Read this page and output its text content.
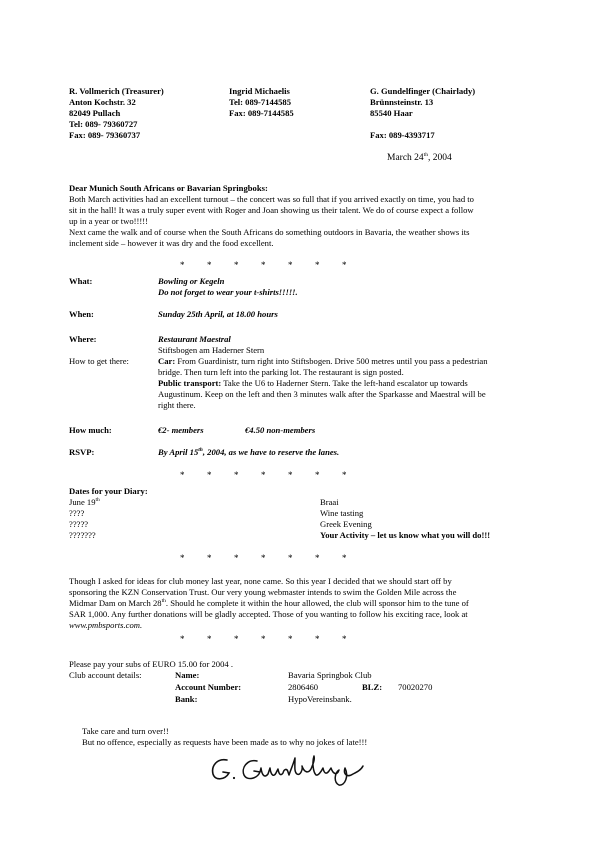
R. Vollmerich (Treasurer)
Anton Kochstr. 32
82049 Pullach
Tel: 089- 79360727
Fax: 089- 79360737
Ingrid Michaelis
Tel: 089-7144585
Fax: 089-7144585
G. Gundelfinger (Chairlady)
Brünnsteinstr. 13
85540 Haar
Fax: 089-4393717
March 24th, 2004
Dear Munich South Africans or Bavarian Springboks:
Both March activities had an excellent turnout – the concert was so full that if you arrived exactly on time, you had to
sit in the hall! It was a truly super event with Roger and Joan showing us their talent. We do of course expect a follow
up in a year or two!!!!!
Next came the walk and of course when the South Africans do something outdoors in Bavaria, the weather shows its
inclement side – however it was dry and the food excellent.
*          *          *          *          *          *          *
What:	Bowling or Kegeln
Do not forget to wear your t-shirts!!!!!.
When:	Sunday 25th April, at 18.00 hours
Where:	Restaurant Maestral
Stiftsbogen am Haderner Stern
How to get there:	Car: From Guardinistr, turn right into Stiftsbogen. Drive 500 metres until you pass a pedestrian
bridge. Then turn left into the parking lot. The restaurant is sign posted.
Public transport: Take the U6 to Haderner Stern. Take the left-hand escalator up towards
Augustinum. Keep on the left and then 3 minutes walk after the Sparkasse and Maestral will be
right there.
How much:	€2- members	€4.50 non-members
RSVP:	By April 15th, 2004, as we have to reserve the lanes.
*          *          *          *          *          *          *
Dates for your Diary:
June 19th	Braai
????	Wine tasting
?????	Greek Evening
???????	Your Activity – let us know what you will do!!!
*          *          *          *          *          *          *
Though I asked for ideas for club money last year, none came. So this year I decided that we should start off by
sponsoring the KZN Conservation Trust. Our very young webmaster intends to swim the Golden Mile across the
Midmar Dam on March 28th. Should he complete it within the hour allowed, the club will sponsor him to the tune of
SAR 1,000. Any further donations will be gladly accepted. Those of you wanting to follow his exciting race, look at
www.pmbsports.com.
*          *          *          *          *          *          *
Please pay your subs of EURO 15.00 for 2004 .
Club account details:	Name:	Bavaria Springbok Club
Account Number:	2806460	BLZ: 70020270
Bank:	HypoVereinsbank.
Take care and turn over!!
But no offence, especially as requests have been made as to why no jokes of late!!!
